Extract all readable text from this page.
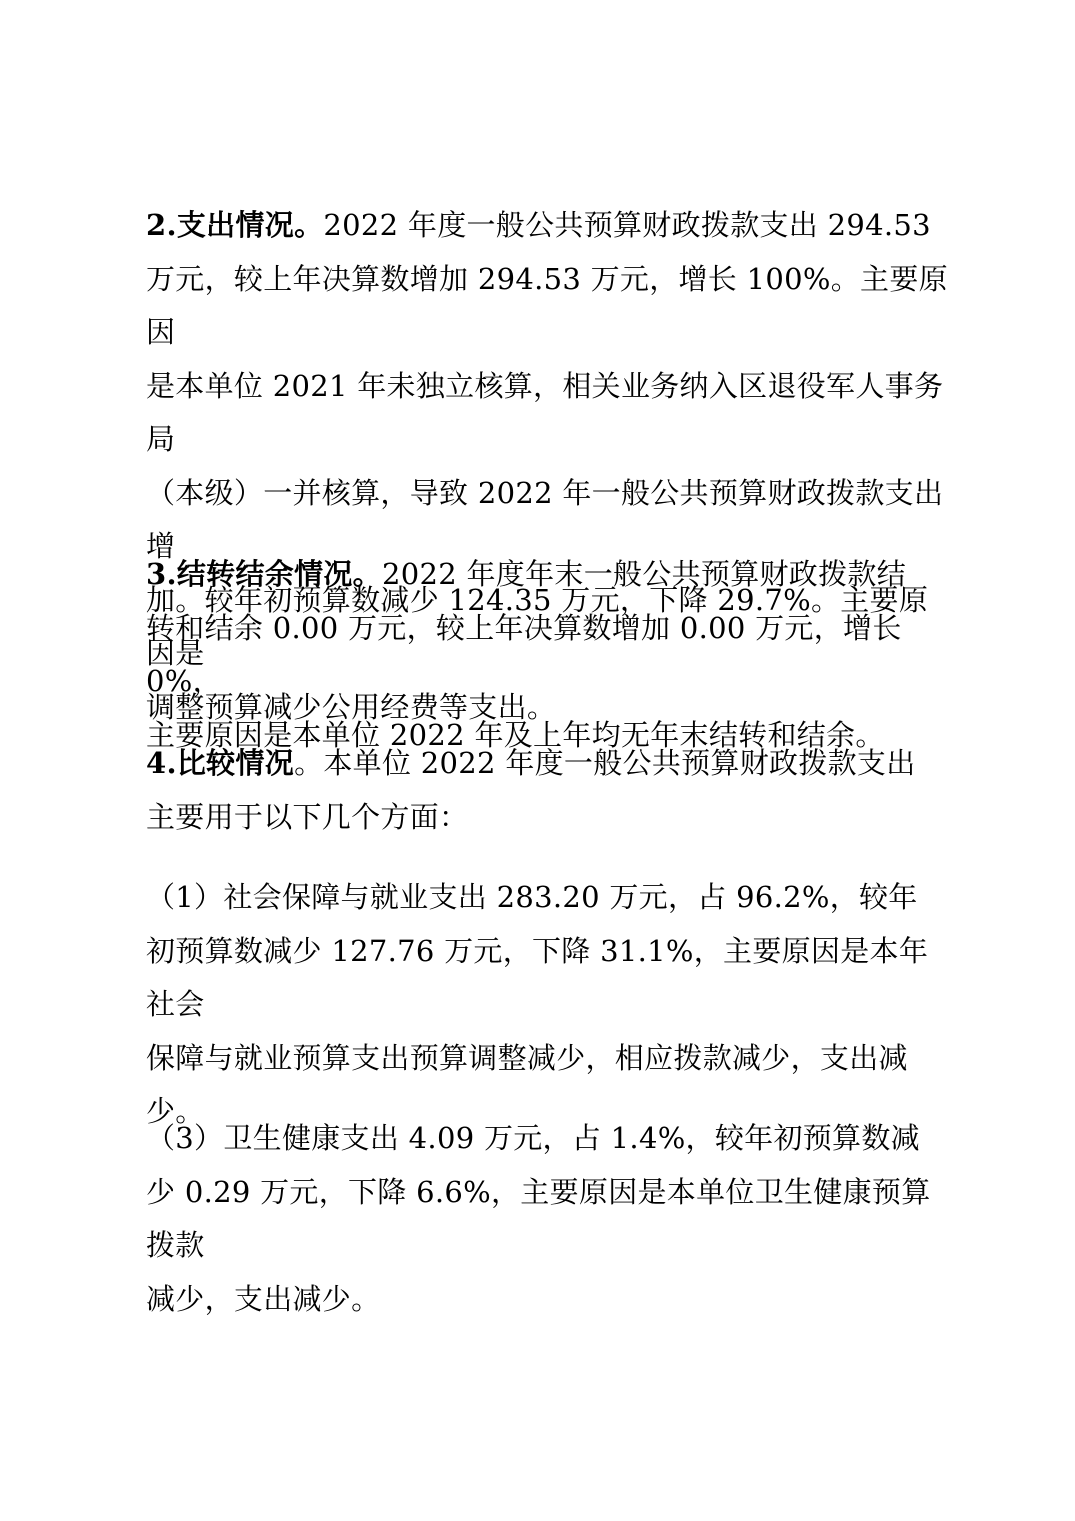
2.支出情况。2022 年度一般公共预算财政拨款支出 294.53
万元，较上年决算数增加 294.53 万元，增长 100%。主要原因
是本单位 2021 年未独立核算，相关业务纳入区退役军人事务局
（本级）一并核算，导致 2022 年一般公共预算财政拨款支出增
加。较年初预算数减少 124.35 万元，下降 29.7%。主要原因是
调整预算减少公用经费等支出。

3.结转结余情况。2022 年度年末一般公共预算财政拨款结
转和结余 0.00 万元，较上年决算数增加 0.00 万元，增长 0%，
主要原因是本单位 2022 年及上年均无年末结转和结余。

4.比较情况。本单位 2022 年度一般公共预算财政拨款支出
主要用于以下几个方面：

（1）社会保障与就业支出 283.20 万元，占 96.2%，较年
初预算数减少 127.76 万元，下降 31.1%，主要原因是本年社会
保障与就业预算支出预算调整减少，相应拨款减少，支出减
少。

（3）卫生健康支出 4.09 万元，占 1.4%，较年初预算数减
少 0.29 万元，下降 6.6%，主要原因是本单位卫生健康预算拨款
减少，支出减少。
